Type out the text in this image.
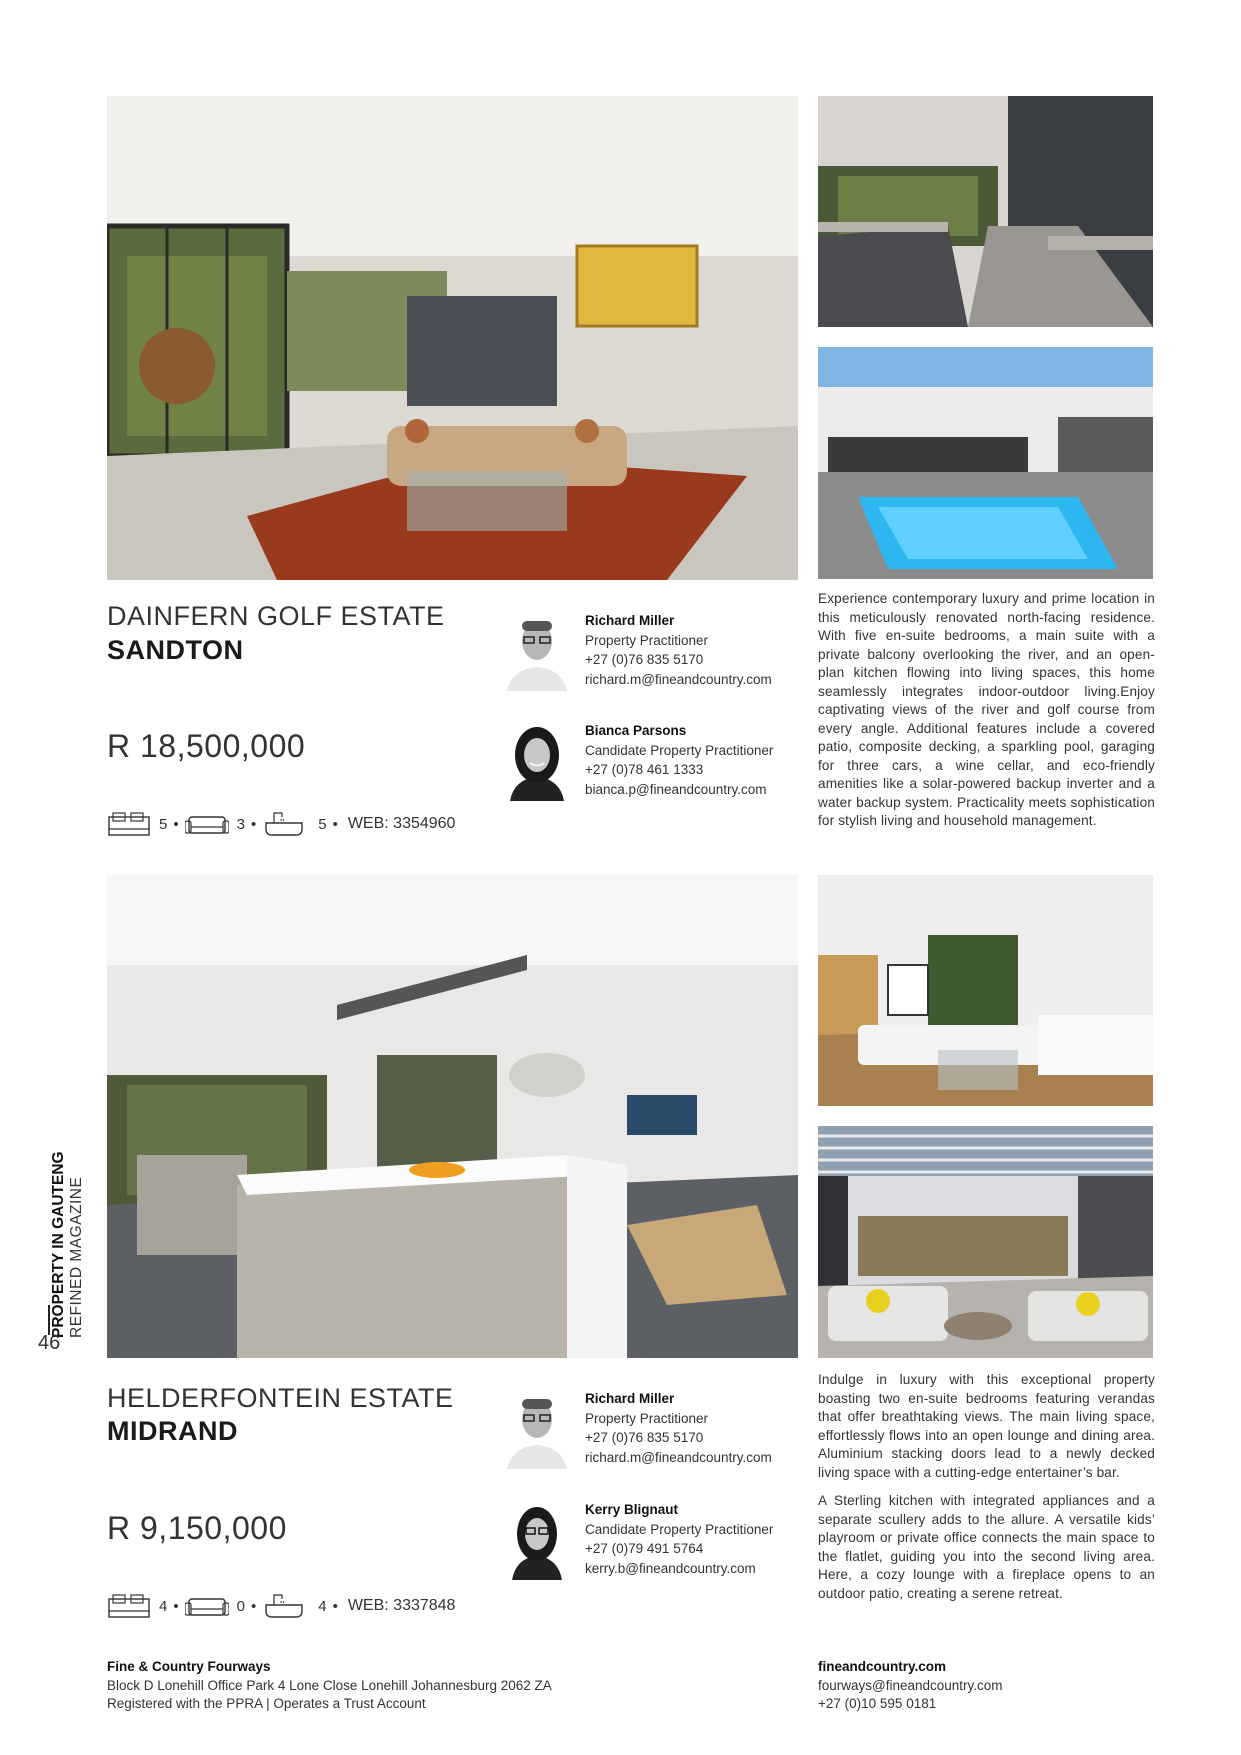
DAINFERN GOLF ESTATE
SANDTON
R 18,500,000
5 •	3 •	5 • WEB: 3354960
Richard Miller
Property Practitioner
+27 (0)76 835 5170
richard.m@fineandcountry.com
Bianca Parsons
Candidate Property Practitioner
+27 (0)78 461 1333
bianca.p@fineandcountry.com

Experience contemporary luxury and prime location in this meticulously renovated north-facing residence. With five en-suite bedrooms, a main suite with a private balcony overlooking the river, and an open-plan kitchen flowing into living spaces, this home seamlessly integrates indoor-outdoor living.Enjoy captivating views of the river and golf course from every angle. Additional features include a covered patio, composite decking, a sparkling pool, garaging for three cars, a wine cellar, and eco-friendly amenities like a solar-powered backup inverter and a water backup system. Practicality meets sophistication for stylish living and household management.

HELDERFONTEIN ESTATE
MIDRAND
R 9,150,000
4 •	0 •	4 • WEB: 3337848
Richard Miller
Property Practitioner
+27 (0)76 835 5170
richard.m@fineandcountry.com
Kerry Blignaut
Candidate Property Practitioner
+27 (0)79 491 5764
kerry.b@fineandcountry.com

Indulge in luxury with this exceptional property boasting two en-suite bedrooms featuring verandas that offer breathtaking views. The main living space, effortlessly flows into an open lounge and dining area. Aluminium stacking doors lead to a newly decked living space with a cutting-edge entertainer’s bar.

A Sterling kitchen with integrated appliances and a separate scullery adds to the allure. A versatile kids’ playroom or private office connects the main space to the flatlet, guiding you into the second living area. Here, a cozy lounge with a fireplace opens to an outdoor patio, creating a serene retreat.

PROPERTY IN GAUTENG REFINED MAGAZINE
46
Fine & Country Fourways
Block D Lonehill Office Park 4 Lone Close Lonehill Johannesburg 2062 ZA
Registered with the PPRA | Operates a Trust Account
fineandcountry.com
fourways@fineandcountry.com
+27 (0)10 595 0181
